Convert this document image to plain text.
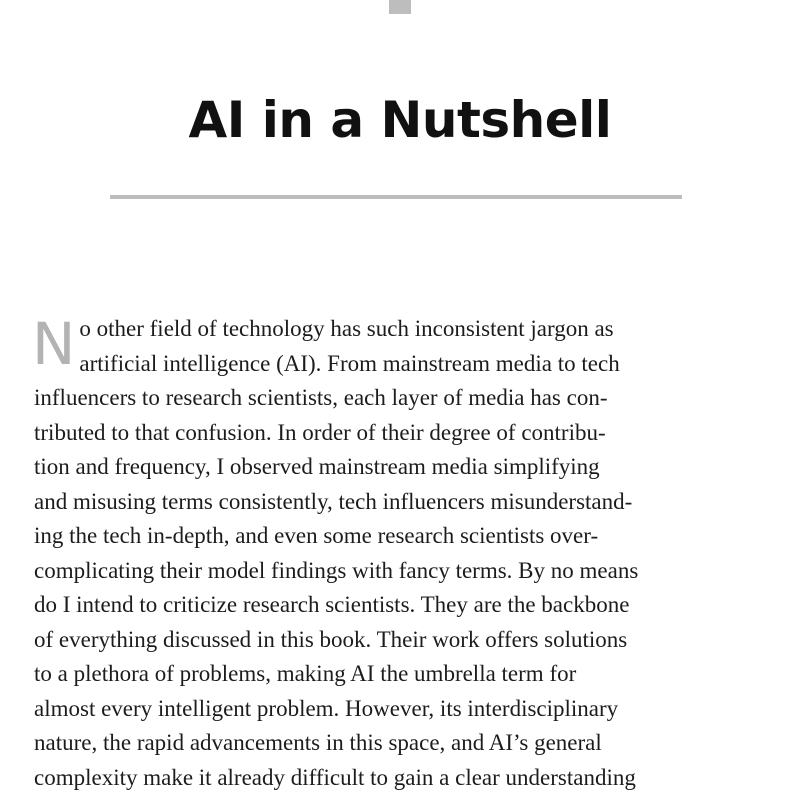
AI in a Nutshell
N o other field of technology has such inconsistent jargon as
artificial intelligence (AI). From mainstream media to tech
influencers to research scientists, each layer of media has con-
tributed to that confusion. In order of their degree of contribu-
tion and frequency, I observed mainstream media simplifying
and misusing terms consistently, tech influencers misunderstand-
ing the tech in-depth, and even some research scientists over-
complicating their model findings with fancy terms. By no means
do I intend to criticize research scientists. They are the backbone
of everything discussed in this book. Their work offers solutions
to a plethora of problems, making AI the umbrella term for
almost every intelligent problem. However, its interdisciplinary
nature, the rapid advancements in this space, and AI’s general
complexity make it already difficult to gain a clear understanding
